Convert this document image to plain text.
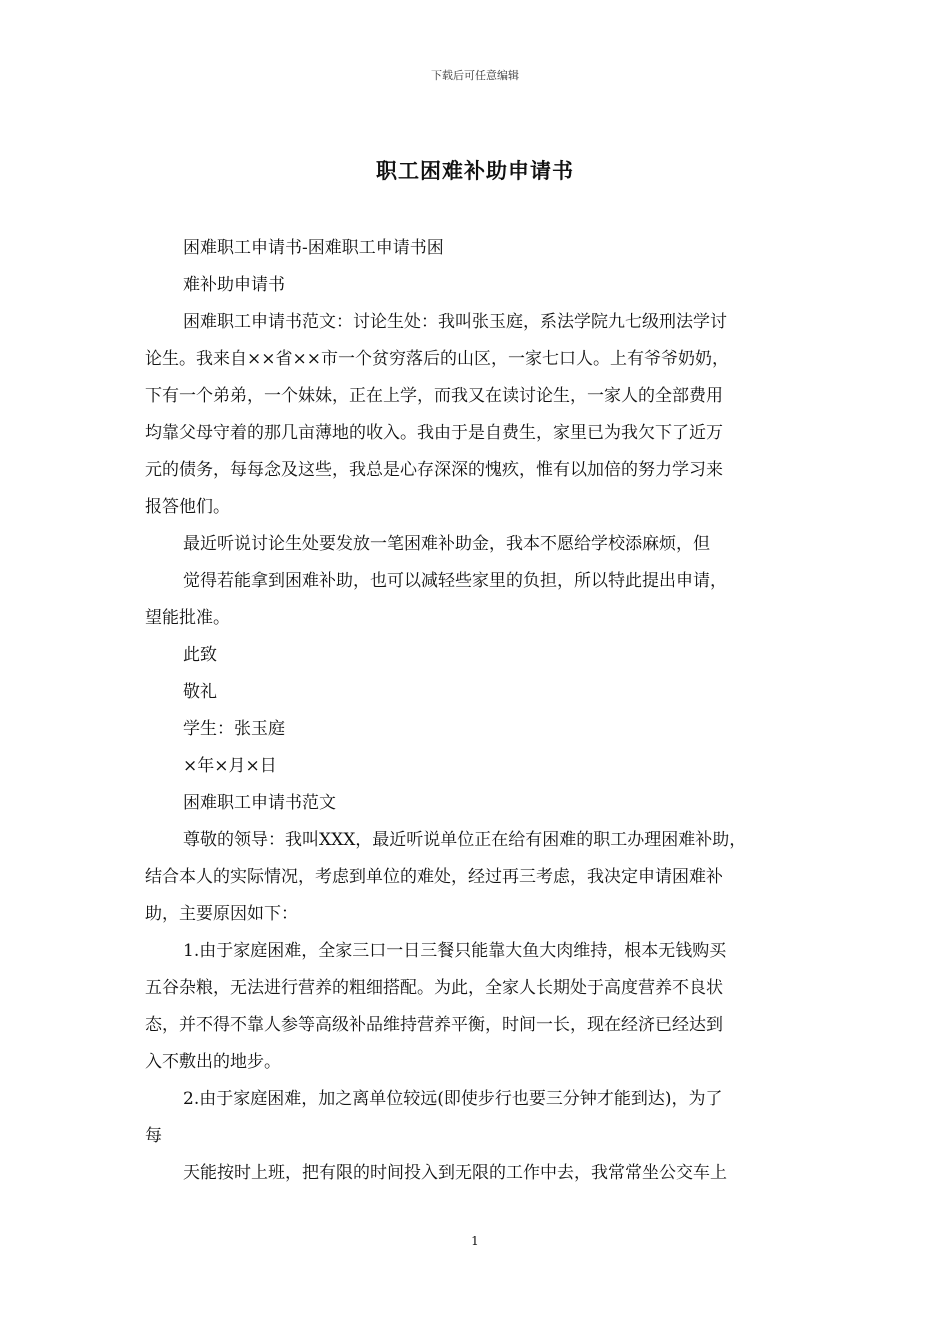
下载后可任意编辑
职工困难补助申请书
困难职工申请书-困难职工申请书困
难补助申请书
困难职工申请书范文：讨论生处：我叫张玉庭，系法学院九七级刑法学讨
论生。我来自××省××市一个贫穷落后的山区，一家七口人。上有爷爷奶奶，
下有一个弟弟，一个妹妹，正在上学，而我又在读讨论生，一家人的全部费用
均靠父母守着的那几亩薄地的收入。我由于是自费生，家里已为我欠下了近万
元的债务，每每念及这些，我总是心存深深的愧疚，惟有以加倍的努力学习来
报答他们。
最近听说讨论生处要发放一笔困难补助金，我本不愿给学校添麻烦，但
觉得若能拿到困难补助，也可以减轻些家里的负担，所以特此提出申请，
望能批准。
此致
敬礼
学生：张玉庭
×年×月×日
困难职工申请书范文
尊敬的领导：我叫XXX，最近听说单位正在给有困难的职工办理困难补助，
结合本人的实际情况，考虑到单位的难处，经过再三考虑，我决定申请困难补
助，主要原因如下：
1.由于家庭困难，全家三口一日三餐只能靠大鱼大肉维持，根本无钱购买
五谷杂粮，无法进行营养的粗细搭配。为此，全家人长期处于高度营养不良状
态，并不得不靠人参等高级补品维持营养平衡，时间一长，现在经济已经达到
入不敷出的地步。
2.由于家庭困难，加之离单位较远(即使步行也要三分钟才能到达)，为了
每
天能按时上班，把有限的时间投入到无限的工作中去，我常常坐公交车上
1
